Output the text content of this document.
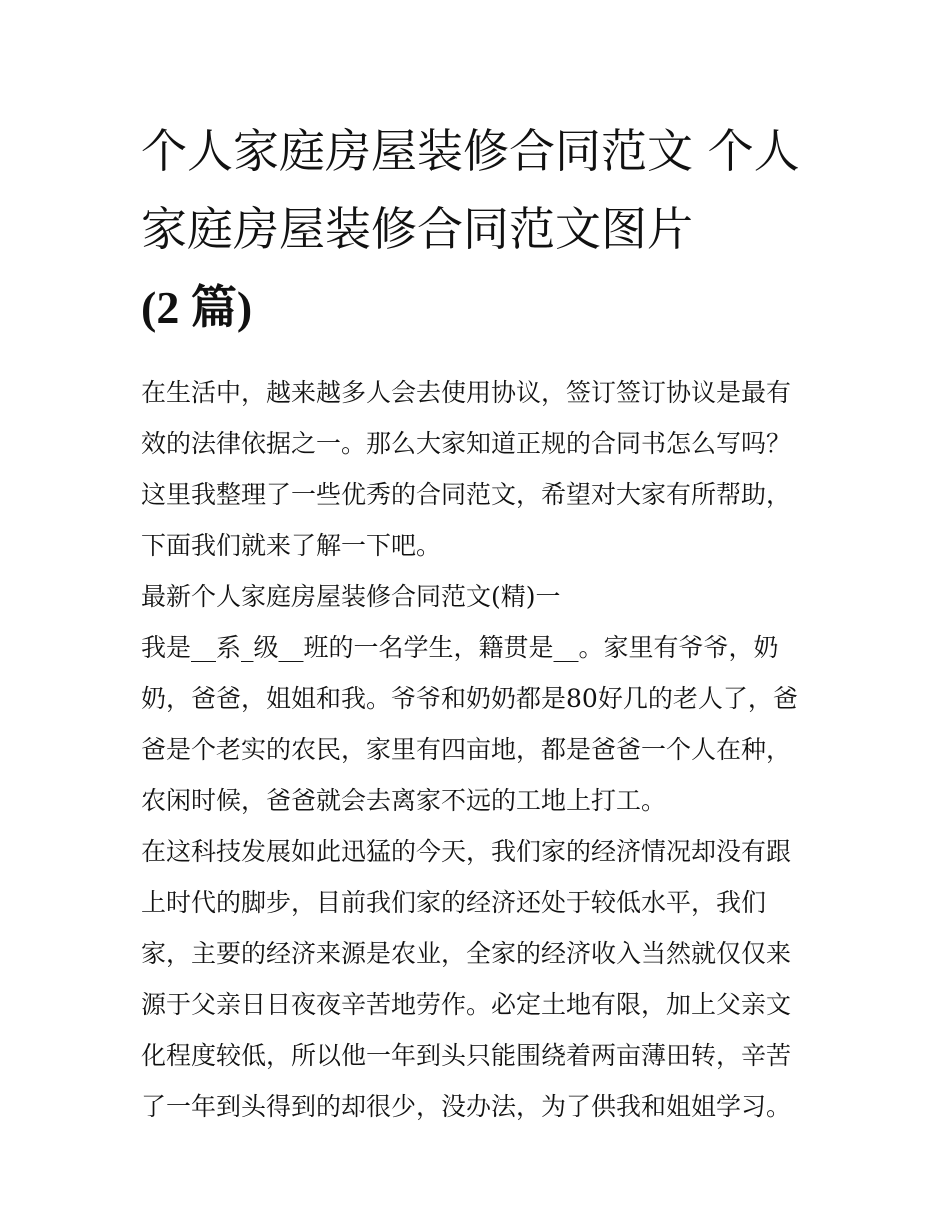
个人家庭房屋装修合同范文 个人家庭房屋装修合同范文图片
(2 篇)

在生活中，越来越多人会去使用协议，签订签订协议是最有效的法律依据之一。那么大家知道正规的合同书怎么写吗？这里我整理了一些优秀的合同范文，希望对大家有所帮助，下面我们就来了解一下吧。

最新个人家庭房屋装修合同范文(精)一

我是__系_级__班的一名学生，籍贯是__。家里有爷爷，奶奶，爸爸，姐姐和我。爷爷和奶奶都是80好几的老人了，爸爸是个老实的农民，家里有四亩地，都是爸爸一个人在种，农闲时候，爸爸就会去离家不远的工地上打工。

在这科技发展如此迅猛的今天，我们家的经济情况却没有跟上时代的脚步，目前我们家的经济还处于较低水平，我们家，主要的经济来源是农业，全家的经济收入当然就仅仅来源于父亲日日夜夜辛苦地劳作。必定土地有限，加上父亲文化程度较低，所以他一年到头只能围绕着两亩薄田转，辛苦了一年到头得到的却很少，没办法，为了供我和姐姐学习。
